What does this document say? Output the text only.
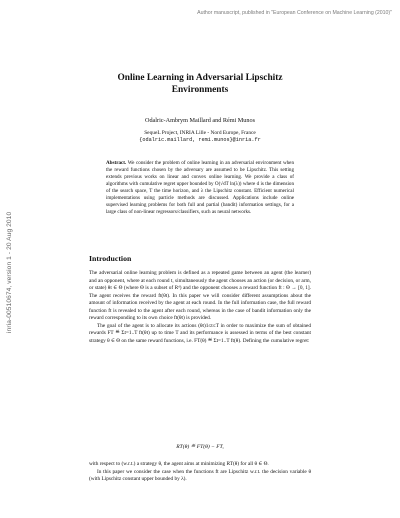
Author manuscript, published in "European Conference on Machine Learning (2010)"
inria-00510674, version 1 - 20 Aug 2010
Online Learning in Adversarial Lipschitz
Environments
Odalric-Ambrym Maillard and Rémi Munos
SequeL Project, INRIA Lille - Nord Europe, France
{odalric.maillard, remi.munos}@inria.fr
Abstract. We consider the problem of online learning in an adversarial environment when the reward functions chosen by the adversary are assumed to be Lipschitz. This setting extends previous works on linear and convex online learning. We provide a class of algorithms with cumulative regret upper bounded by O(√dT ln(λ)) where d is the dimension of the search space, T the time horizon, and λ the Lipschitz constant. Efficient numerical implementations using particle methods are discussed. Applications include online supervised learning problems for both full and partial (bandit) information settings, for a large class of non-linear regressors/classifiers, such as neural networks.
Introduction

The adversarial online learning problem is defined as a repeated game between an agent (the learner) and an opponent, where at each round t, simultaneously the agent chooses an action (or decision, or arm, or state) θt ∈ Θ (where Θ is a subset of Rᵈ) and the opponent chooses a reward function ft : Θ → [0, 1]. The agent receives the reward ft(θt). In this paper we will consider different assumptions about the amount of information received by the agent at each round. In the full information case, the full reward function ft is revealed to the agent after each round, whereas in the case of bandit information only the reward corresponding to its own choice ft(θt) is provided.

The goal of the agent is to allocate its actions (θt)1≤t≤T in order to maximize the sum of obtained rewards FT ≝ Σt=1..T ft(θt) up to time T and its performance is assessed in terms of the best constant strategy θ ∈ Θ on the same reward functions, i.e. FT(θ) ≝ Σt=1..T ft(θ). Defining the cumulative regret:

RT(θ) ≝ FT(θ) − FT,

with respect to (w.r.t.) a strategy θ, the agent aims at minimizing RT(θ) for all θ ∈ Θ.

In this paper we consider the case when the functions ft are Lipschitz w.r.t. the decision variable θ (with Lipschitz constant upper bounded by λ).
